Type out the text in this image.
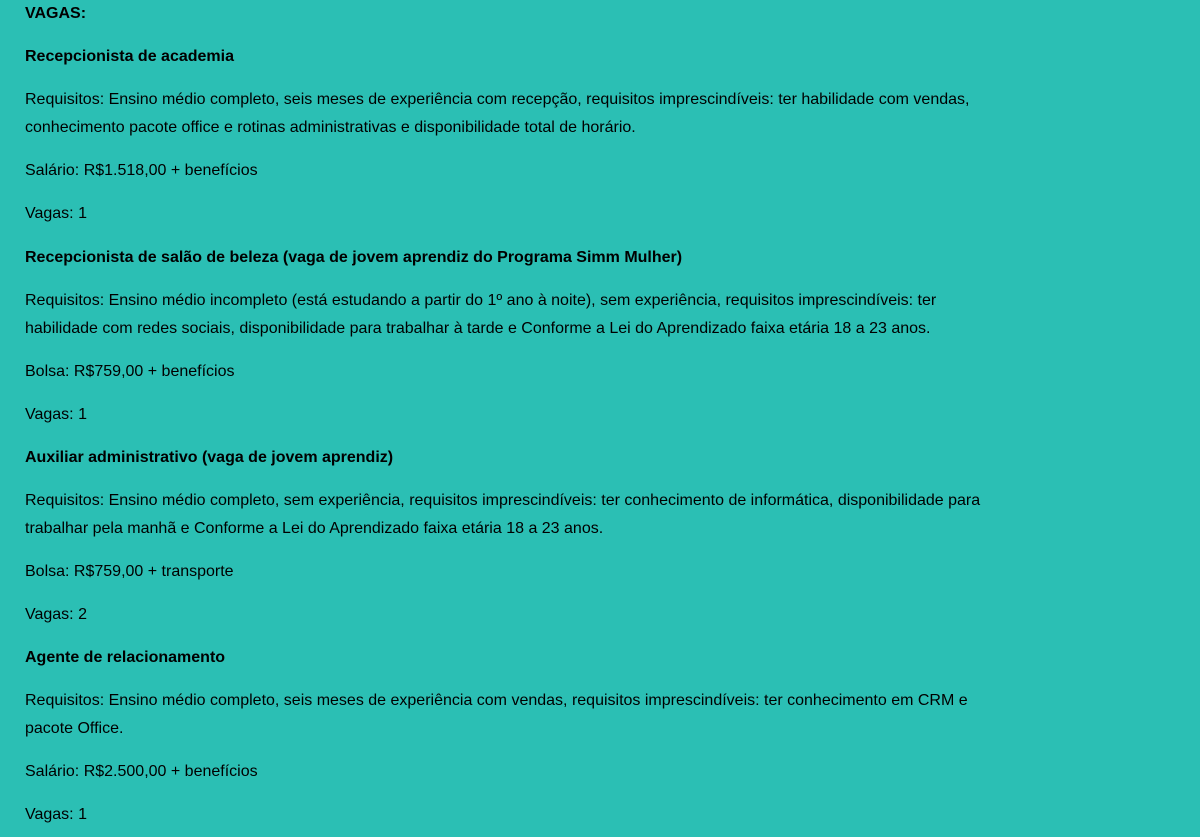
VAGAS:
Recepcionista de academia
Requisitos: Ensino médio completo, seis meses de experiência com recepção, requisitos imprescindíveis: ter habilidade com vendas,
conhecimento pacote office e rotinas administrativas e disponibilidade total de horário.
Salário: R$1.518,00 + benefícios
Vagas: 1
Recepcionista de salão de beleza (vaga de jovem aprendiz do Programa Simm Mulher)
Requisitos: Ensino médio incompleto (está estudando a partir do 1º ano à noite), sem experiência, requisitos imprescindíveis: ter
habilidade com redes sociais, disponibilidade para trabalhar à tarde e Conforme a Lei do Aprendizado faixa etária 18 a 23 anos.
Bolsa: R$759,00 + benefícios
Vagas: 1
Auxiliar administrativo (vaga de jovem aprendiz)
Requisitos: Ensino médio completo, sem experiência, requisitos imprescindíveis: ter conhecimento de informática, disponibilidade para
trabalhar pela manhã e Conforme a Lei do Aprendizado faixa etária 18 a 23 anos.
Bolsa: R$759,00 + transporte
Vagas: 2
Agente de relacionamento
Requisitos: Ensino médio completo, seis meses de experiência com vendas, requisitos imprescindíveis: ter conhecimento em CRM e
pacote Office.
Salário: R$2.500,00 + benefícios
Vagas: 1
